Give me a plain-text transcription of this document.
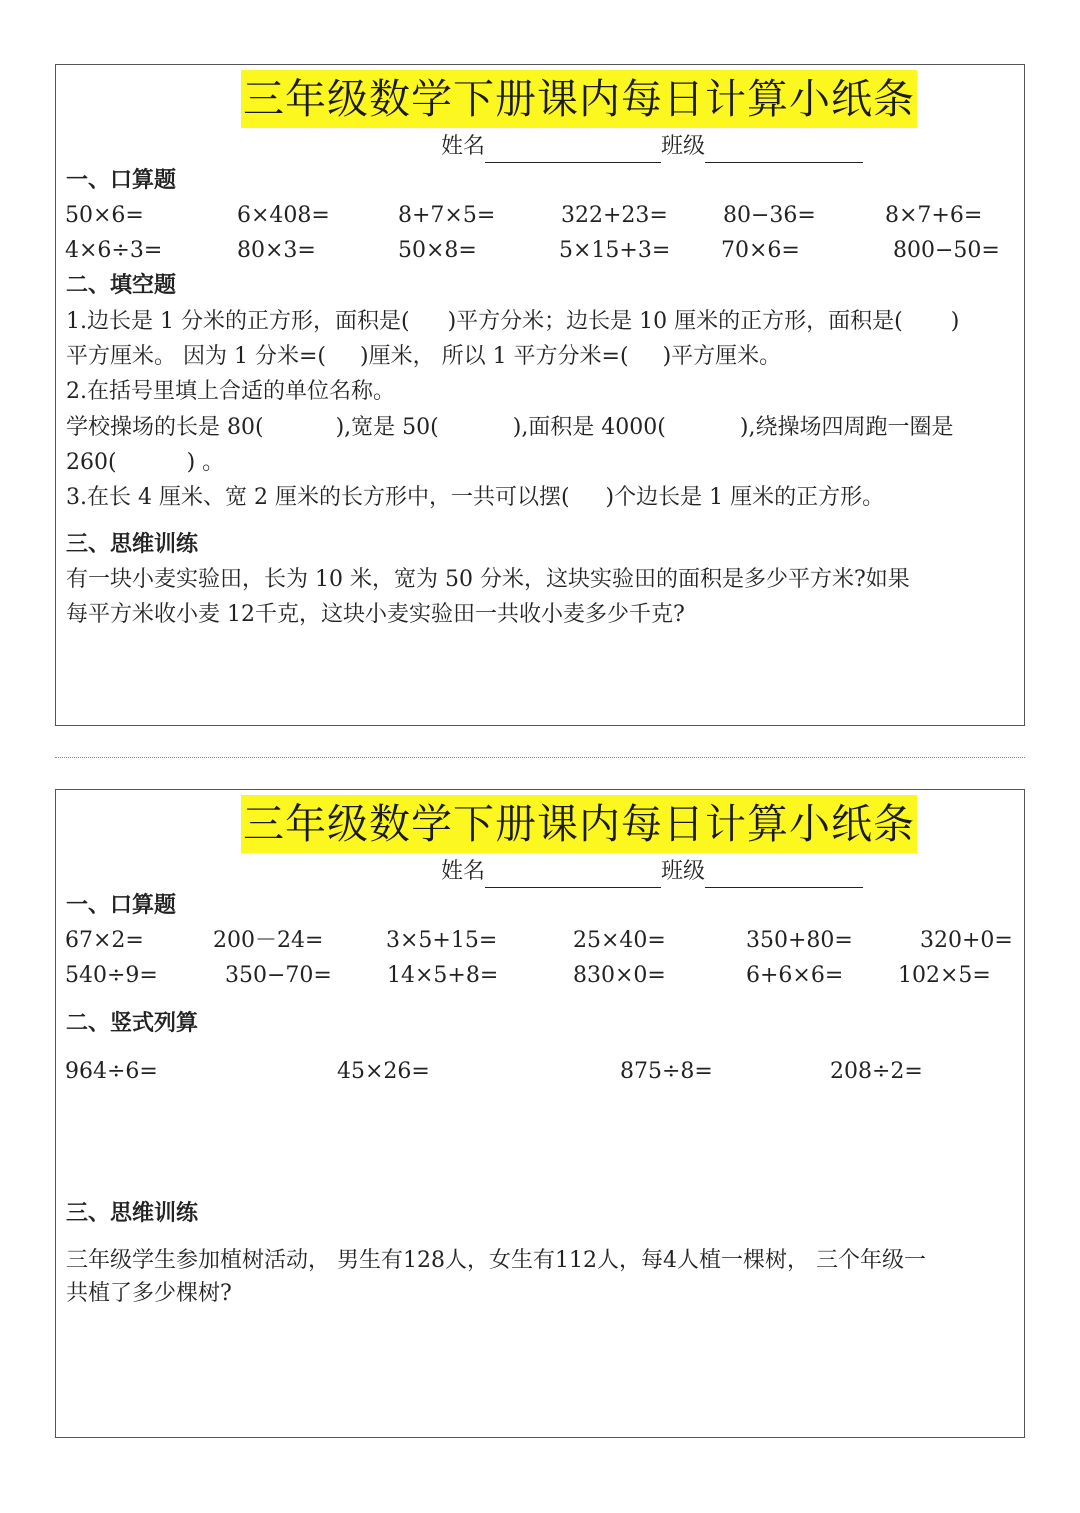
三年级数学下册课内每日计算小纸条
姓名	班级
一、口算题
50×6=	6×408=	8+7×5=	322+23=	80−36=	8×7+6=
4×6÷3=	80×3=	50×8=	5×15+3= 70×6=	800−50=
二、填空题
1.边长是 1 分米的正方形，面积是( )平方分米；边长是 10 厘米的正方形，面积是( )
平方厘米。 因为 1 分米=( )厘米， 所以 1 平方分米=( )平方厘米。
2.在括号里填上合适的单位名称。
学校操场的长是 80(	),宽是 50(	),面积是 4000(	),绕操场四周跑一圈是
260(	) 。
3.在长 4 厘米、宽 2 厘米的长方形中，一共可以摆( )个边长是 1 厘米的正方形。
三、思维训练
有一块小麦实验田，长为 10 米，宽为 50 分米，这块实验田的面积是多少平方米?如果
每平方米收小麦 12千克，这块小麦实验田一共收小麦多少千克?
三年级数学下册课内每日计算小纸条
姓名	班级
一、口算题
67×2=	200－24=	3×5+15=	25×40=	350+80=	320+0=
540÷9=	350−70=	14×5+8=	830×0=	6+6×6= 102×5=
二、竖式列算
964÷6=	45×26=	875÷8=	208÷2=
三、思维训练
三年级学生参加植树活动， 男生有128人，女生有112人，每4人植一棵树， 三个年级一
共植了多少棵树?
